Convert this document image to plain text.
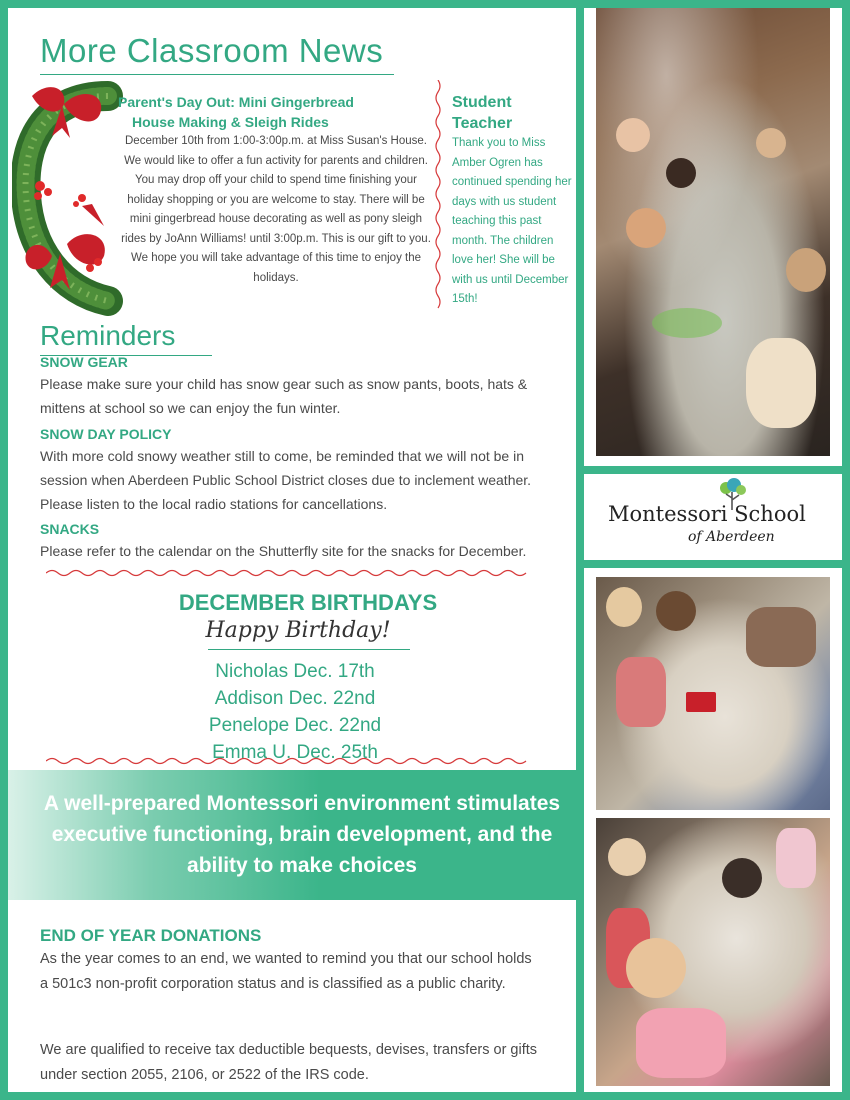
More Classroom News
Parent's Day Out: Mini Gingerbread
House Making & Sleigh Rides
December 10th from 1:00-3:00p.m. at Miss Susan's House. We would like to offer a fun activity for parents and children. You may drop off your child to spend time finishing your holiday shopping or you are welcome to stay. There will be mini gingerbread house decorating as well as pony sleigh rides by JoAnn Williams! until 3:00p.m. This is our gift to you. We hope you will take advantage of this time to enjoy the holidays.
Student Teacher
Thank you to Miss Amber Ogren has continued spending her days with us student teaching this past month. The children love her! She will be with us until December 15th!
Reminders
SNOW GEAR
Please make sure your child has snow gear such as snow pants, boots, hats & mittens at school so we can enjoy the fun winter.
SNOW DAY POLICY
With more cold snowy weather still to come, be reminded that we will not be in session when Aberdeen Public School District closes due to inclement weather. Please listen to the local radio stations for cancellations.
SNACKS
Please refer to the calendar on the Shutterfly site for the snacks for December.
DECEMBER BIRTHDAYS
Happy Birthday!
Nicholas Dec. 17th
Addison Dec. 22nd
Penelope Dec. 22nd
Emma U. Dec. 25th
END OF YEAR DONATIONS
As the year comes to an end, we wanted to remind you that our school holds a 501c3 non-profit corporation status and is classified as a public charity.
We are qualified to receive tax deductible bequests, devises, transfers or gifts under section 2055, 2106, or 2522 of the IRS code.
A well-prepared Montessori environment stimulates executive functioning, brain development, and the ability to make choices
Montessori School
of Aberdeen
